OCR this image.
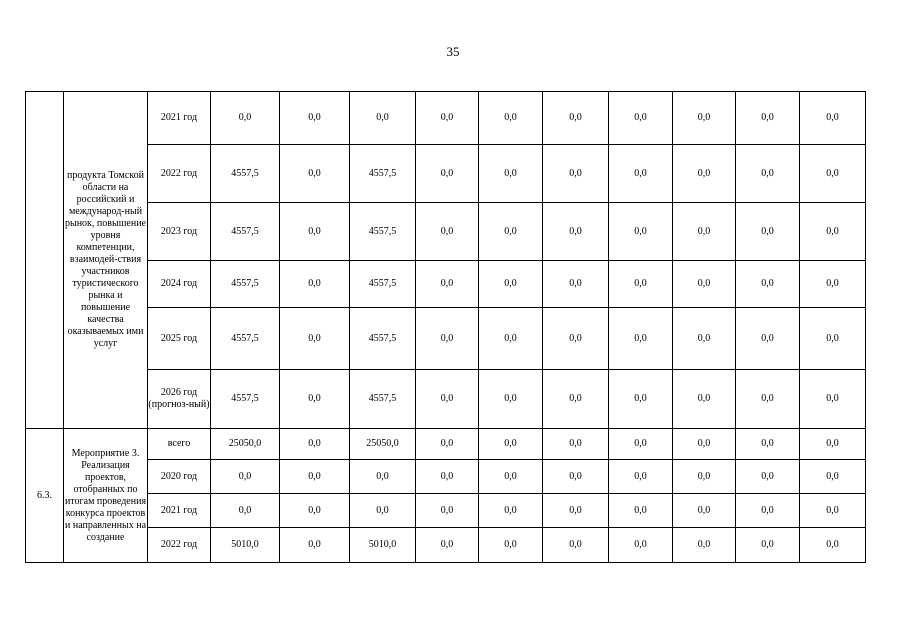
35
	продукта Томской области на российский и международ-ный рынок, повышение уровня компетенции, взаимодей-ствия участников туристического рынка и повышение качества оказываемых ими услуг	2021 год	0,0	0,0	0,0	0,0	0,0	0,0	0,0	0,0	0,0	0,0
		2022 год	4557,5	0,0	4557,5	0,0	0,0	0,0	0,0	0,0	0,0	0,0
		2023 год	4557,5	0,0	4557,5	0,0	0,0	0,0	0,0	0,0	0,0	0,0
		2024 год	4557,5	0,0	4557,5	0,0	0,0	0,0	0,0	0,0	0,0	0,0
		2025 год	4557,5	0,0	4557,5	0,0	0,0	0,0	0,0	0,0	0,0	0,0
		2026 год (прогноз-ный)	4557,5	0,0	4557,5	0,0	0,0	0,0	0,0	0,0	0,0	0,0
6.3.	Мероприятие 3. Реализация проектов, отобранных по итогам проведения конкурса проектов и направленных на создание	всего	25050,0	0,0	25050,0	0,0	0,0	0,0	0,0	0,0	0,0	0,0
		2020 год	0,0	0,0	0,0	0,0	0,0	0,0	0,0	0,0	0,0	0,0
		2021 год	0,0	0,0	0,0	0,0	0,0	0,0	0,0	0,0	0,0	0,0
		2022 год	5010,0	0,0	5010,0	0,0	0,0	0,0	0,0	0,0	0,0	0,0
